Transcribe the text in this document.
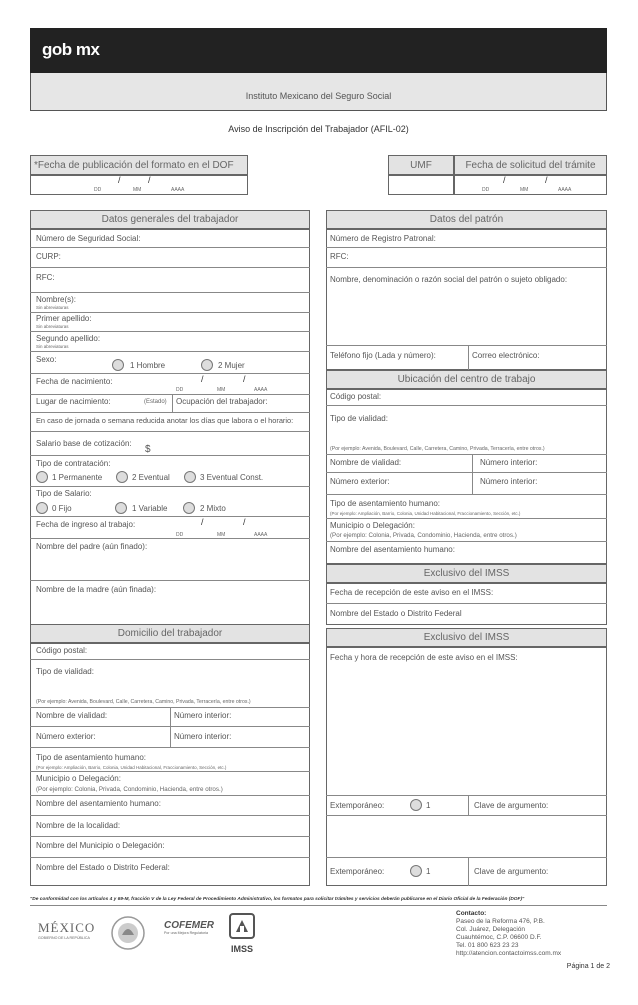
gob mx
Instituto Mexicano del Seguro Social
Aviso de Inscripción del Trabajador (AFIL-02)
*Fecha de publicación del formato en el DOF	UMF	Fecha de solicitud del trámite
/	/
DD	MM	AAAA
/	/
DD	MM	AAAA
Datos generales del trabajador
Número de Seguridad Social:
CURP:
RFC:
Nombre(s):
Sin abreviaturas
Primer apellido:
Sin abreviaturas
Segundo apellido:
Sin abreviaturas
Sexo:
1 Hombre	2 Mujer
Fecha de nacimiento:	/	/
DD	MM	AAAA
Lugar de nacimiento:	(Estado) Ocupación del trabajador:
En caso de jornada o semana reducida anotar los días que labora o el horario:
Salario base de cotización:
$
Tipo de contratación:
1 Permanente	2 Eventual	3 Eventual Const.
Tipo de Salario:
0 Fijo	1 Variable	2 Mixto
Fecha de ingreso al trabajo:	/	/
DD	MM	AAAA
Nombre del padre (aún finado):
Nombre de la madre (aún finada):
Domicilio del trabajador
Código postal:
Tipo de vialidad:
(Por ejemplo: Avenida, Boulevard, Calle, Carretera, Camino, Privada, Terracería, entre otros.)
Nombre de vialidad:	Número interior:
Número exterior:	Número interior:
Tipo de asentamiento humano:
(Por ejemplo: Ampliación, Barrio, Colonia, Unidad Habitacional, Fraccionamiento, Sección, etc.)
Municipio o Delegación:
(Por ejemplo: Colonia, Privada, Condominio, Hacienda, entre otros.)
Nombre del asentamiento humano:
Nombre de la localidad:
Nombre del Municipio o Delegación:
Nombre del Estado o Distrito Federal:
Datos del patrón
Número de Registro Patronal:
RFC:
Nombre, denominación o razón social del patrón o sujeto obligado:
Teléfono fijo (Lada y número):	Correo electrónico:
Ubicación del centro de trabajo
Código postal:
Tipo de vialidad:
(Por ejemplo: Avenida, Boulevard, Calle, Carretera, Camino, Privada, Terracería, entre otros.)
Nombre de vialidad:	Número interior:
Número exterior:	Número interior:
Tipo de asentamiento humano:
(Por ejemplo: Ampliación, Barrio, Colonia, Unidad Habitacional, Fraccionamiento, Sección, etc.)
Municipio o Delegación:
(Por ejemplo: Colonia, Privada, Condominio, Hacienda, entre otros.)
Nombre del asentamiento humano:
Exclusivo del IMSS
Fecha de recepción de este aviso en el IMSS:
Nombre del Estado o Distrito Federal
Exclusivo del IMSS
Fecha y hora de recepción de este aviso en el IMSS:
Extemporáneo:	1	Clave de argumento:
Extemporáneo:	1	Clave de argumento:
"De conformidad con los artículos 4 y 69-M, fracción V de la Ley Federal de Procedimiento Administrativo, los formatos para solicitar trámites y servicios deberán publicarse en el Diario Oficial de la Federación (DOF)"
MÉXICO
GOBIERNO DE LA REPÚBLICA
COFEMER
Por una Mejora Regulatoria
IMSS
Contacto:
Paseo de la Reforma 476, P.B.
Col. Juárez, Delegación
Cuauhtémoc, C.P. 06600 D.F.
Tel. 01 800 623 23 23
http://atencion.contactoimss.com.mx
Página 1 de 2
